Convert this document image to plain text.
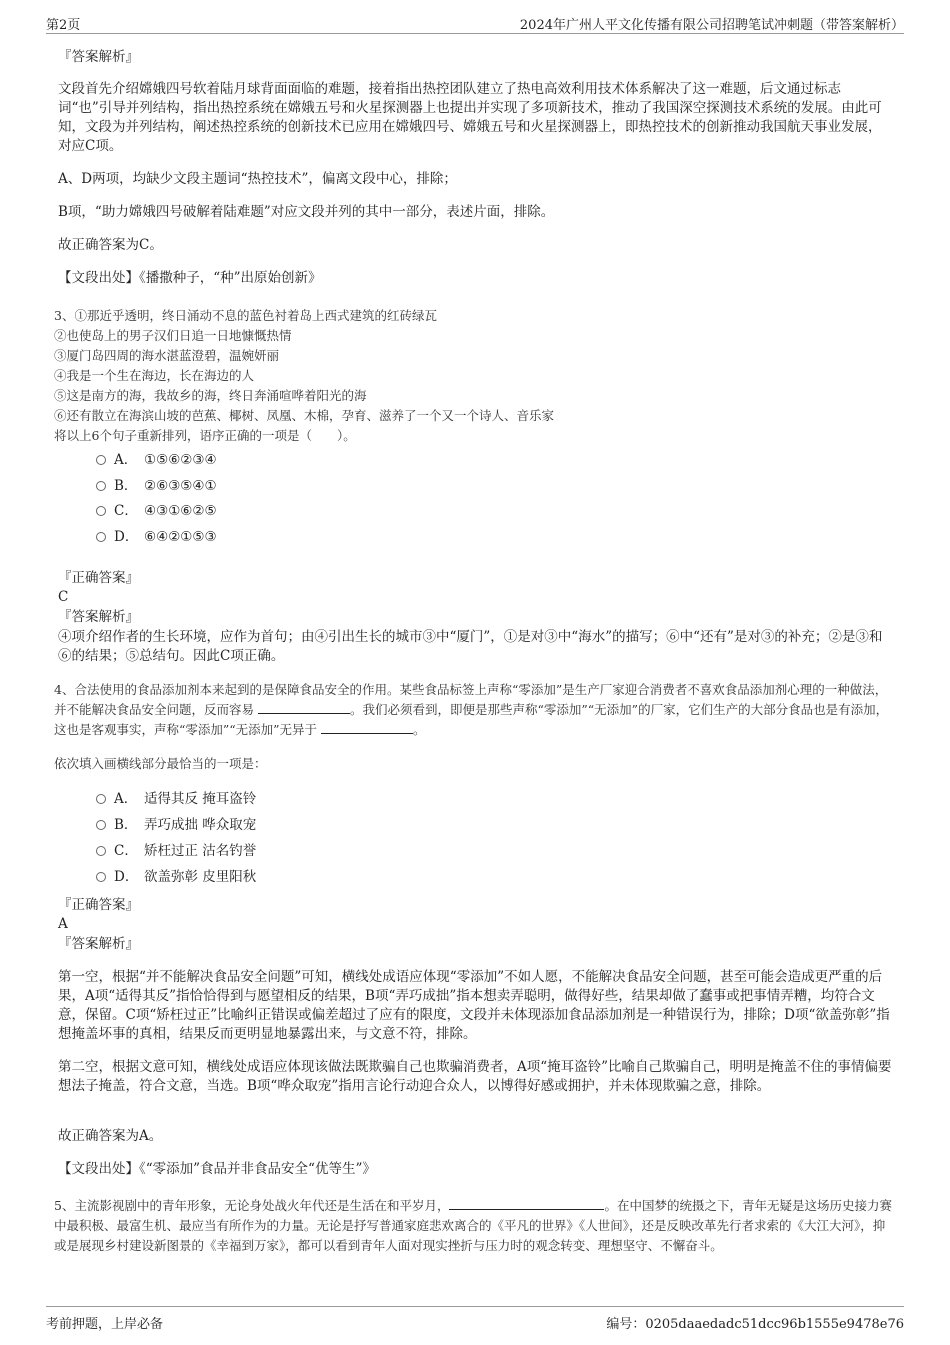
第2页	2024年广州人平文化传播有限公司招聘笔试冲刺题（带答案解析）
『答案解析』
文段首先介绍嫦娥四号软着陆月球背面面临的难题，接着指出热控团队建立了热电高效利用技术体系解决了这一难题，后文通过标志词“也”引导并列结构，指出热控系统在嫦娥五号和火星探测器上也提出并实现了多项新技术，推动了我国深空探测技术系统的发展。由此可知，文段为并列结构，阐述热控系统的创新技术已应用在嫦娥四号、嫦娥五号和火星探测器上，即热控技术的创新推动我国航天事业发展，对应C项。
A、D两项，均缺少文段主题词“热控技术”，偏离文段中心，排除；
B项，“助力嫦娥四号破解着陆难题”对应文段并列的其中一部分，表述片面，排除。
故正确答案为C。
【文段出处】《播撒种子，“种”出原始创新》
3、①那近乎透明，终日涌动不息的蓝色衬着岛上西式建筑的红砖绿瓦
②也使岛上的男子汉们日追一日地慷慨热情
③厦门岛四周的海水湛蓝澄碧，温婉妍丽
④我是一个生在海边，长在海边的人
⑤这是南方的海，我故乡的海，终日奔涌喧哗着阳光的海
⑥还有散立在海滨山坡的芭蕉、椰树、凤凰、木棉，孕育、滋养了一个又一个诗人、音乐家
将以上6个句子重新排列，语序正确的一项是（　　）。
A． ①⑤⑥②③④
B． ②⑥③⑤④①
C． ④③①⑥②⑤
D． ⑥④②①⑤③
『正确答案』
C
『答案解析』
④项介绍作者的生长环境，应作为首句；由④引出生长的城市③中“厦门”，①是对③中“海水”的描写；⑥中“还有”是对③的补充；②是③和⑥的结果；⑤总结句。因此C项正确。
4、合法使用的食品添加剂本来起到的是保障食品安全的作用。某些食品标签上声称“零添加”是生产厂家迎合消费者不喜欢食品添加剂心理的一种做法，并不能解决食品安全问题，反而容易	。我们必须看到，即便是那些声称“零添加”“无添加”的厂家，它们生产的大部分食品也是有添加，这也是客观事实，声称“零添加”“无添加”无异于	。
依次填入画横线部分最恰当的一项是：
A． 适得其反 掩耳盗铃
B． 弄巧成拙 哗众取宠
C． 矫枉过正 沽名钓誉
D． 欲盖弥彰 皮里阳秋
『正确答案』
A
『答案解析』
第一空，根据“并不能解决食品安全问题”可知，横线处成语应体现“零添加”不如人愿，不能解决食品安全问题，甚至可能会造成更严重的后果，A项“适得其反”指恰恰得到与愿望相反的结果，B项“弄巧成拙”指本想卖弄聪明，做得好些，结果却做了蠢事或把事情弄糟，均符合文意，保留。C项“矫枉过正”比喻纠正错误或偏差超过了应有的限度，文段并未体现添加食品添加剂是一种错误行为，排除；D项“欲盖弥彰”指想掩盖坏事的真相，结果反而更明显地暴露出来，与文意不符，排除。
第二空，根据文意可知，横线处成语应体现该做法既欺骗自己也欺骗消费者，A项“掩耳盗铃”比喻自己欺骗自己，明明是掩盖不住的事情偏要想法子掩盖，符合文意，当选。B项“哗众取宠”指用言论行动迎合众人，以博得好感或拥护，并未体现欺骗之意，排除。
故正确答案为A。
【文段出处】《“零添加”食品并非食品安全“优等生”》
5、主流影视剧中的青年形象，无论身处战火年代还是生活在和平岁月，	。在中国梦的统摄之下，青年无疑是这场历史接力赛中最积极、最富生机、最应当有所作为的力量。无论是抒写普通家庭悲欢离合的《平凡的世界》《人世间》，还是反映改革先行者求索的《大江大河》，抑或是展现乡村建设新图景的《幸福到万家》，都可以看到青年人面对现实挫折与压力时的观念转变、理想坚守、不懈奋斗。
考前押题，上岸必备	编号：0205daaedadc51dcc96b1555e9478e76
